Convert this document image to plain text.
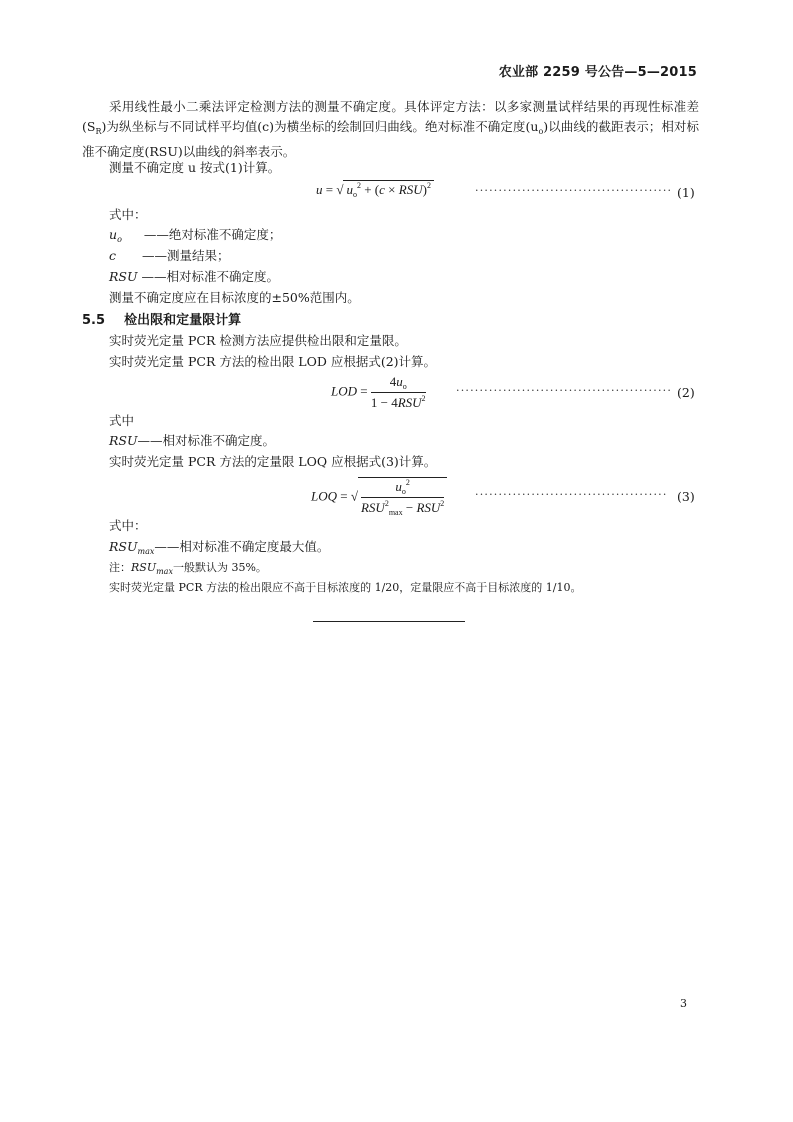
农业部 2259 号公告—5—2015
采用线性最小二乘法评定检测方法的测量不确定度。具体评定方法：以多家测量试样结果的再现性标准差$(S_R)$为纵坐标与不同试样平均值(c)为横坐标的绘制回归曲线。绝对标准不确定度$(u_o)$以曲线的截距表示；相对标准不确定度(RSU)以曲线的斜率表示。
测量不确定度 u 按式(1)计算。
u = √ $u_o^2 + (c \times RSU)^2$	·········································· (1)
式中：
$u_o$ ——绝对标准不确定度；
c ——测量结果；
RSU ——相对标准不确定度。
测量不确定度应在目标浓度的±50%范围内。
5.5 检出限和定量限计算
实时荧光定量 PCR 检测方法应提供检出限和定量限。
实时荧光定量 PCR 方法的检出限 LOD 应根据式(2)计算。
LOD = $\frac{4u_o}{1 - 4RSU^2}$	·············································· (2)
式中
RSU——相对标准不确定度。
实时荧光定量 PCR 方法的定量限 LOQ 应根据式(3)计算。
LOQ = √ $\frac{u_o^2}{RSU^2_{max} - RSU^2}$	········································· (3)
式中：
$RSU_{max}——$相对标准不确定度最大值。
注：$RSU_{max}$一般默认为 35%。
实时荧光定量 PCR 方法的检出限应不高于目标浓度的 1/20，定量限应不高于目标浓度的 1/10。
3
